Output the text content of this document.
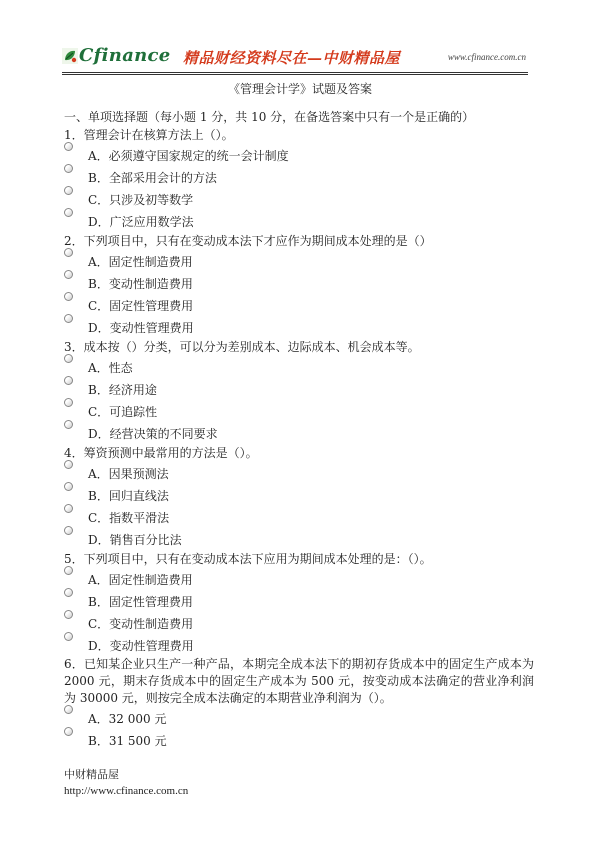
Cfinance 精品财经资料尽在—中财精品屋	www.cfinance.com.cn
《管理会计学》试题及答案

一、单项选择题（每小题 1 分，共 10 分，在备选答案中只有一个是正确的）

1．管理会计在核算方法上（）。

A．必须遵守国家规定的统一会计制度
B．全部采用会计的方法
C．只涉及初等数学
D．广泛应用数学法

2．下列项目中，只有在变动成本法下才应作为期间成本处理的是（）

A．固定性制造费用
B．变动性制造费用
C．固定性管理费用
D．变动性管理费用

3．成本按（）分类，可以分为差别成本、边际成本、机会成本等。

A．性态
B．经济用途
C．可追踪性
D．经营决策的不同要求

4．筹资预测中最常用的方法是（）。

A．因果预测法
B．回归直线法
C．指数平滑法
D．销售百分比法

5．下列项目中，只有在变动成本法下应用为期间成本处理的是：（）。

A．固定性制造费用
B．固定性管理费用
C．变动性制造费用
D．变动性管理费用

6．已知某企业只生产一种产品，本期完全成本法下的期初存货成本中的固定生产成本为 2000 元，期末存货成本中的固定生产成本为 500 元，按变动成本法确定的营业净利润为 30000 元，则按完全成本法确定的本期营业净利润为（）。

A．32 000 元
B．31 500 元
中财精品屋
http://www.cfinance.com.cn
